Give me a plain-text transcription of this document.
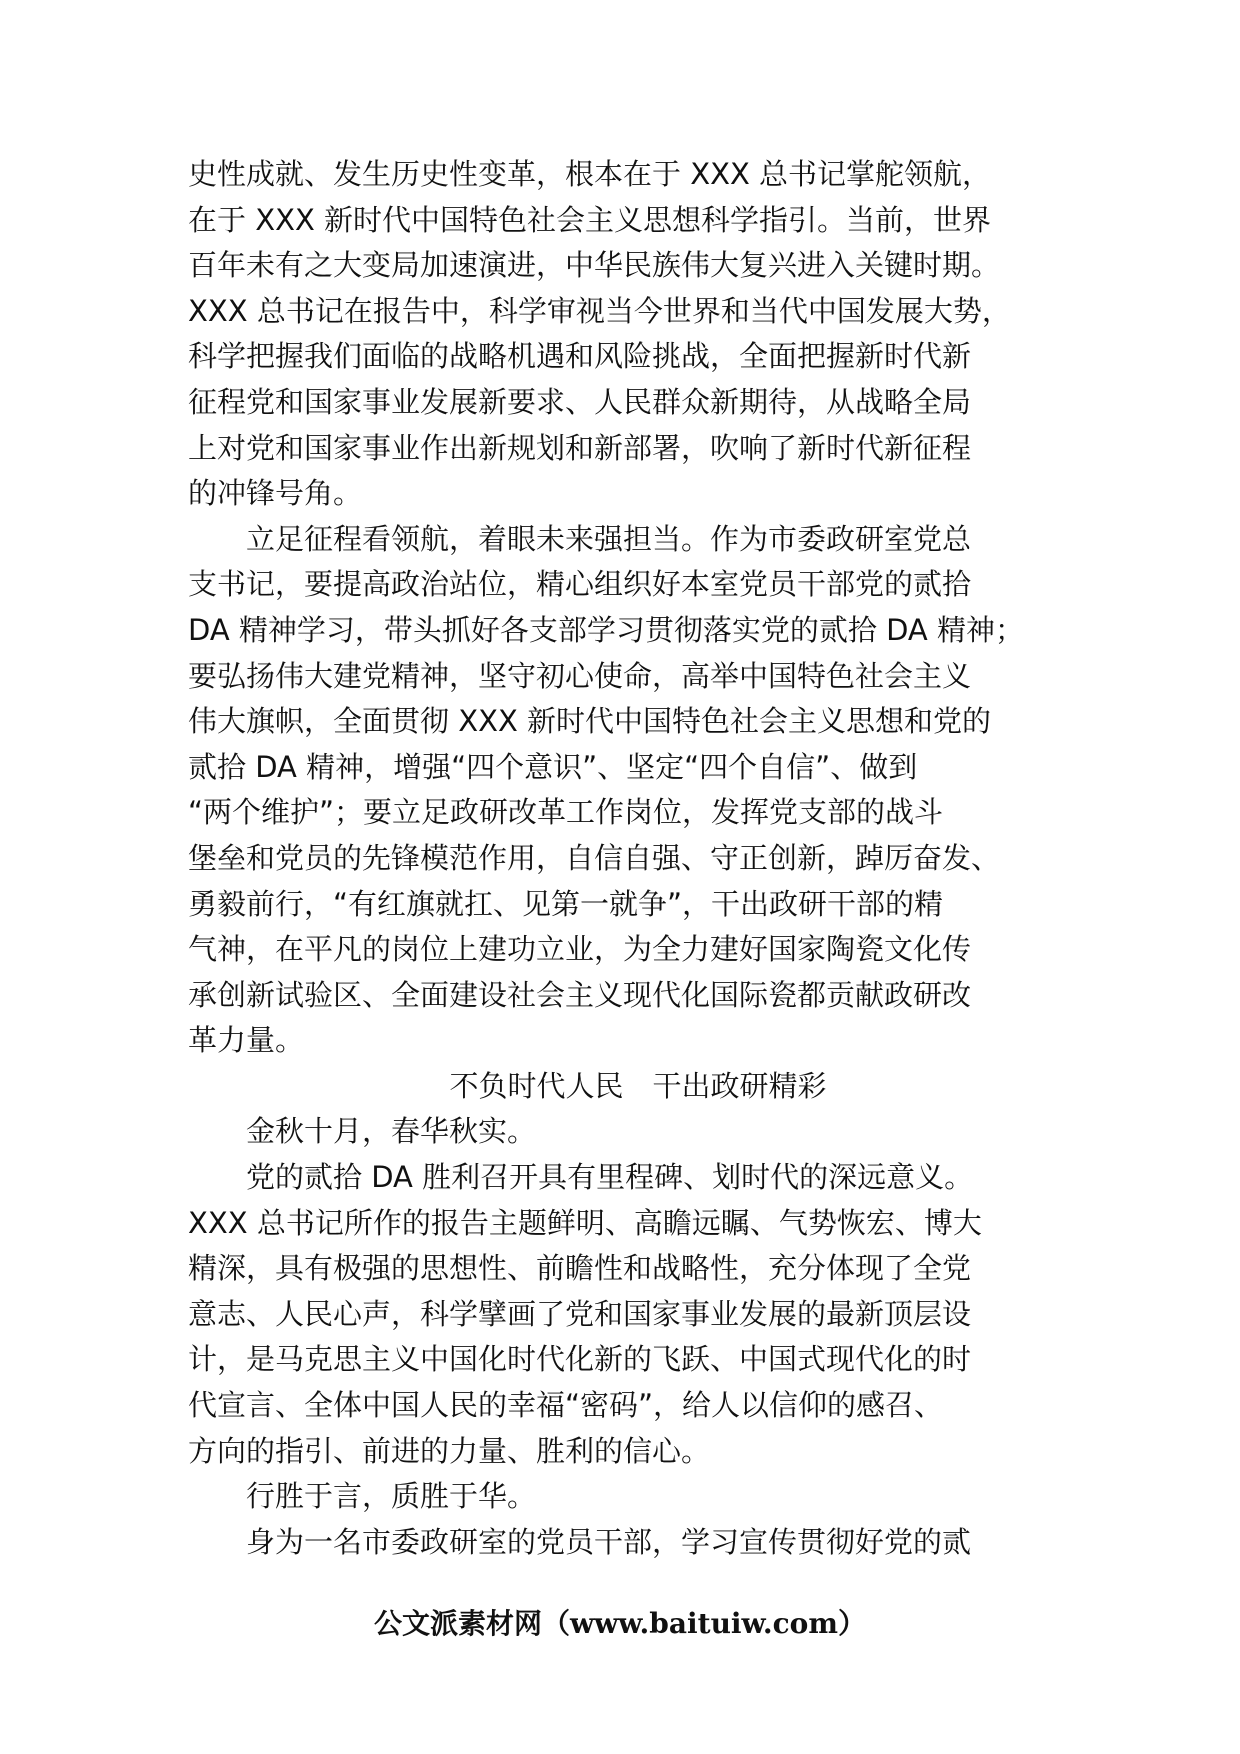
史性成就、发生历史性变革，根本在于 XXX 总书记掌舵领航，
在于 XXX 新时代中国特色社会主义思想科学指引。当前，世界
百年未有之大变局加速演进，中华民族伟大复兴进入关键时期。
XXX 总书记在报告中，科学审视当今世界和当代中国发展大势，
科学把握我们面临的战略机遇和风险挑战，全面把握新时代新
征程党和国家事业发展新要求、人民群众新期待，从战略全局
上对党和国家事业作出新规划和新部署，吹响了新时代新征程
的冲锋号角。
　　立足征程看领航，着眼未来强担当。作为市委政研室党总
支书记，要提高政治站位，精心组织好本室党员干部党的贰拾
DA 精神学习，带头抓好各支部学习贯彻落实党的贰拾 DA 精神；
要弘扬伟大建党精神，坚守初心使命，高举中国特色社会主义
伟大旗帜，全面贯彻 XXX 新时代中国特色社会主义思想和党的
贰拾 DA 精神，增强“四个意识”、坚定“四个自信”、做到
“两个维护”；要立足政研改革工作岗位，发挥党支部的战斗
堡垒和党员的先锋模范作用，自信自强、守正创新，踔厉奋发、
勇毅前行，“有红旗就扛、见第一就争”，干出政研干部的精
气神，在平凡的岗位上建功立业，为全力建好国家陶瓷文化传
承创新试验区、全面建设社会主义现代化国际瓷都贡献政研改
革力量。
不负时代人民　干出政研精彩
　　金秋十月，春华秋实。
　　党的贰拾 DA 胜利召开具有里程碑、划时代的深远意义。
XXX 总书记所作的报告主题鲜明、高瞻远瞩、气势恢宏、博大
精深，具有极强的思想性、前瞻性和战略性，充分体现了全党
意志、人民心声，科学擘画了党和国家事业发展的最新顶层设
计，是马克思主义中国化时代化新的飞跃、中国式现代化的时
代宣言、全体中国人民的幸福“密码”，给人以信仰的感召、
方向的指引、前进的力量、胜利的信心。
　　行胜于言，质胜于华。
　　身为一名市委政研室的党员干部，学习宣传贯彻好党的贰
公文派素材网（www.baituiw.com）
